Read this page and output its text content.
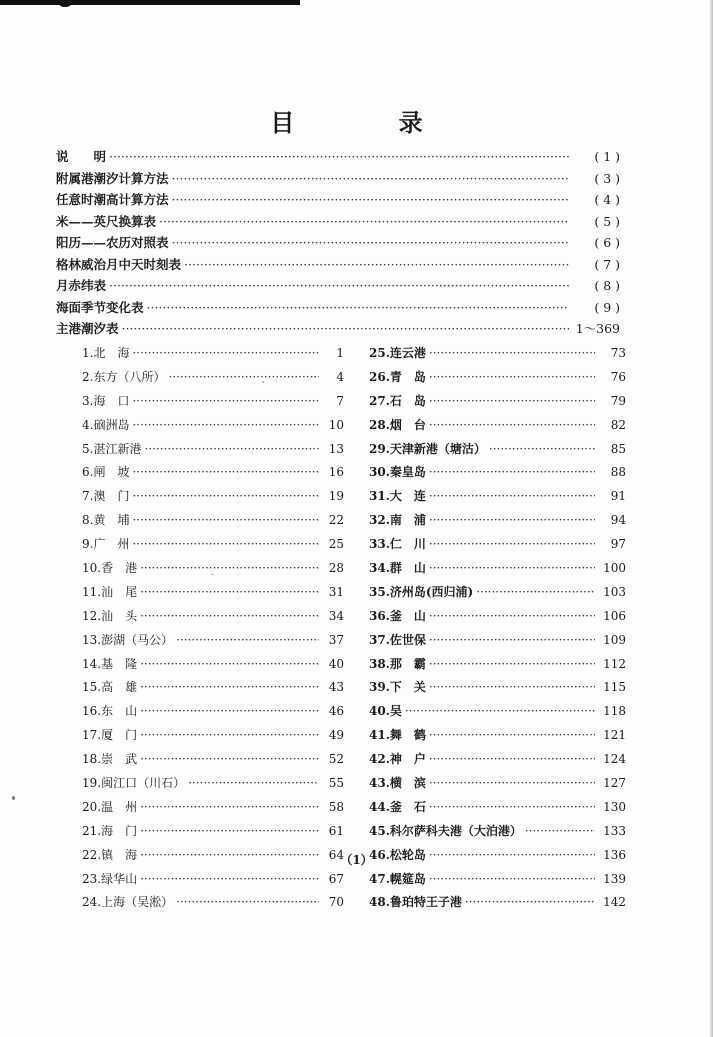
目 录
说　　明 ·····	( 1 )
附属港潮汐计算方法 ·····	( 3 )
任意时潮高计算方法 ·····	( 4 )
米——英尺换算表 ·····	( 5 )
阳历——农历对照表 ·····	( 6 )
格林威治月中天时刻表 ·····	( 7 )
月赤纬表 ·····	( 8 )
海面季节变化表 ·····	( 9 )
主港潮汐表 ·····	1～369
1.北　海 ·····	1
2.东方（八所） ·····	4
3.海　口 ·····	7
4.硇洲岛 ·····	10
5.湛江新港 ·····	13
6.闸　坡 ·····	16
7.澳　门 ·····	19
8.黄　埔 ·····	22
9.广　州 ·····	25
10.香　港 ·····	28
11.汕　尾 ·····	31
12.汕　头 ·····	34
13.澎湖（马公） ·····	37
14.基　隆 ·····	40
15.高　雄 ·····	43
16.东　山 ·····	46
17.厦　门 ·····	49
18.崇　武 ·····	52
19.闽江口（川石） ·····	55
20.温　州 ·····	58
21.海　门 ·····	61
22.镇　海 ·····	64
23.绿华山 ·····	67
24.上海（吴淞） ·····	70
25.连云港 ·····	73
26.青　岛 ·····	76
27.石　岛 ·····	79
28.烟　台 ·····	82
29.天津新港（塘沽） ·····	85
30.秦皇岛 ·····	88
31.大　连 ·····	91
32.南　浦 ·····	94
33.仁　川 ·····	97
34.群　山 ·····	100
35.济州岛(西归浦) ·····	103
36.釜　山 ·····	106
37.佐世保 ·····	109
38.那　霸 ·····	112
39.下　关 ·····	115
40.吴 ·····	118
41.舞　鹤 ·····	121
42.神　户 ·····	124
43.横　滨 ·····	127
44.釜　石 ·····	130
45.科尔萨科夫港（大泊港） ·····	133
46.松轮岛 ·····	136
47.幌筵岛 ·····	139
48.鲁珀特王子港 ·····	142
（1）
